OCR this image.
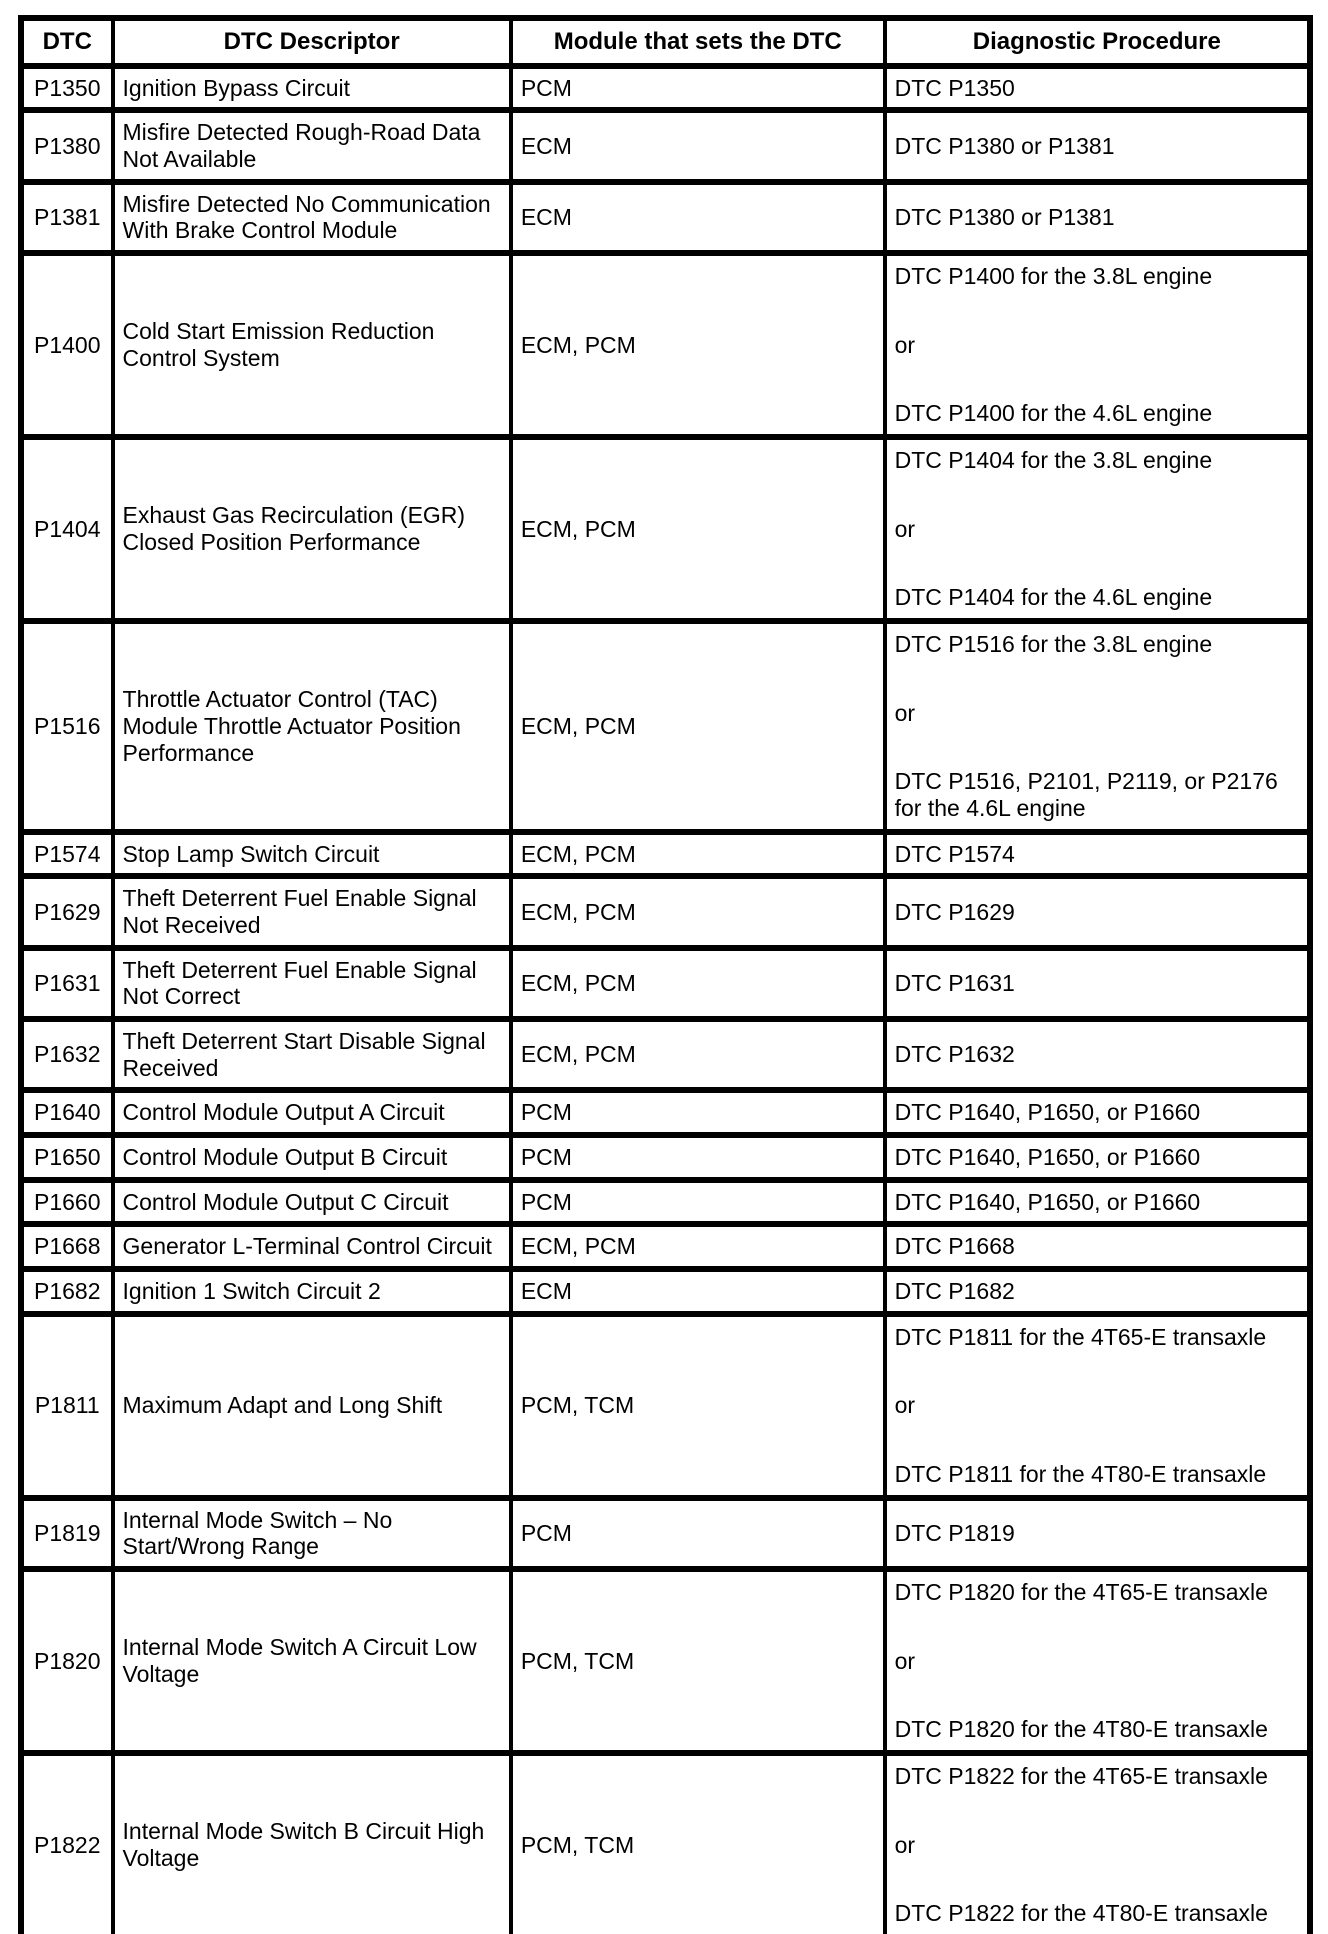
DTC	DTC Descriptor	Module that sets the DTC	Diagnostic Procedure
P1350	Ignition Bypass Circuit	PCM	DTC P1350

P1380	Misfire Detected Rough-Road Data Not Available	ECM	DTC P1380 or P1381

P1381	Misfire Detected No Communication With Brake Control Module	ECM	DTC P1380 or P1381

P1400	Cold Start Emission Reduction Control System	ECM, PCM	DTC P1400 for the 3.8L engine

or

DTC P1400 for the 4.6L engine

P1404	Exhaust Gas Recirculation (EGR) Closed Position Performance	ECM, PCM	DTC P1404 for the 3.8L engine

or

DTC P1404 for the 4.6L engine

P1516	Throttle Actuator Control (TAC) Module Throttle Actuator Position Performance	ECM, PCM	DTC P1516 for the 3.8L engine

or

DTC P1516, P2101, P2119, or P2176 for the 4.6L engine

P1574	Stop Lamp Switch Circuit	ECM, PCM	DTC P1574

P1629	Theft Deterrent Fuel Enable Signal Not Received	ECM, PCM	DTC P1629

P1631	Theft Deterrent Fuel Enable Signal Not Correct	ECM, PCM	DTC P1631

P1632	Theft Deterrent Start Disable Signal Received	ECM, PCM	DTC P1632

P1640	Control Module Output A Circuit	PCM	DTC P1640, P1650, or P1660

P1650	Control Module Output B Circuit	PCM	DTC P1640, P1650, or P1660

P1660	Control Module Output C Circuit	PCM	DTC P1640, P1650, or P1660

P1668	Generator L-Terminal Control Circuit	ECM, PCM	DTC P1668

P1682	Ignition 1 Switch Circuit 2	ECM	DTC P1682

P1811	Maximum Adapt and Long Shift	PCM, TCM	DTC P1811 for the 4T65-E transaxle

or

DTC P1811 for the 4T80-E transaxle

P1819	Internal Mode Switch – No Start/Wrong Range	PCM	DTC P1819

P1820	Internal Mode Switch A Circuit Low Voltage	PCM, TCM	DTC P1820 for the 4T65-E transaxle

or

DTC P1820 for the 4T80-E transaxle

P1822	Internal Mode Switch B Circuit High Voltage	PCM, TCM	DTC P1822 for the 4T65-E transaxle

or

DTC P1822 for the 4T80-E transaxle
